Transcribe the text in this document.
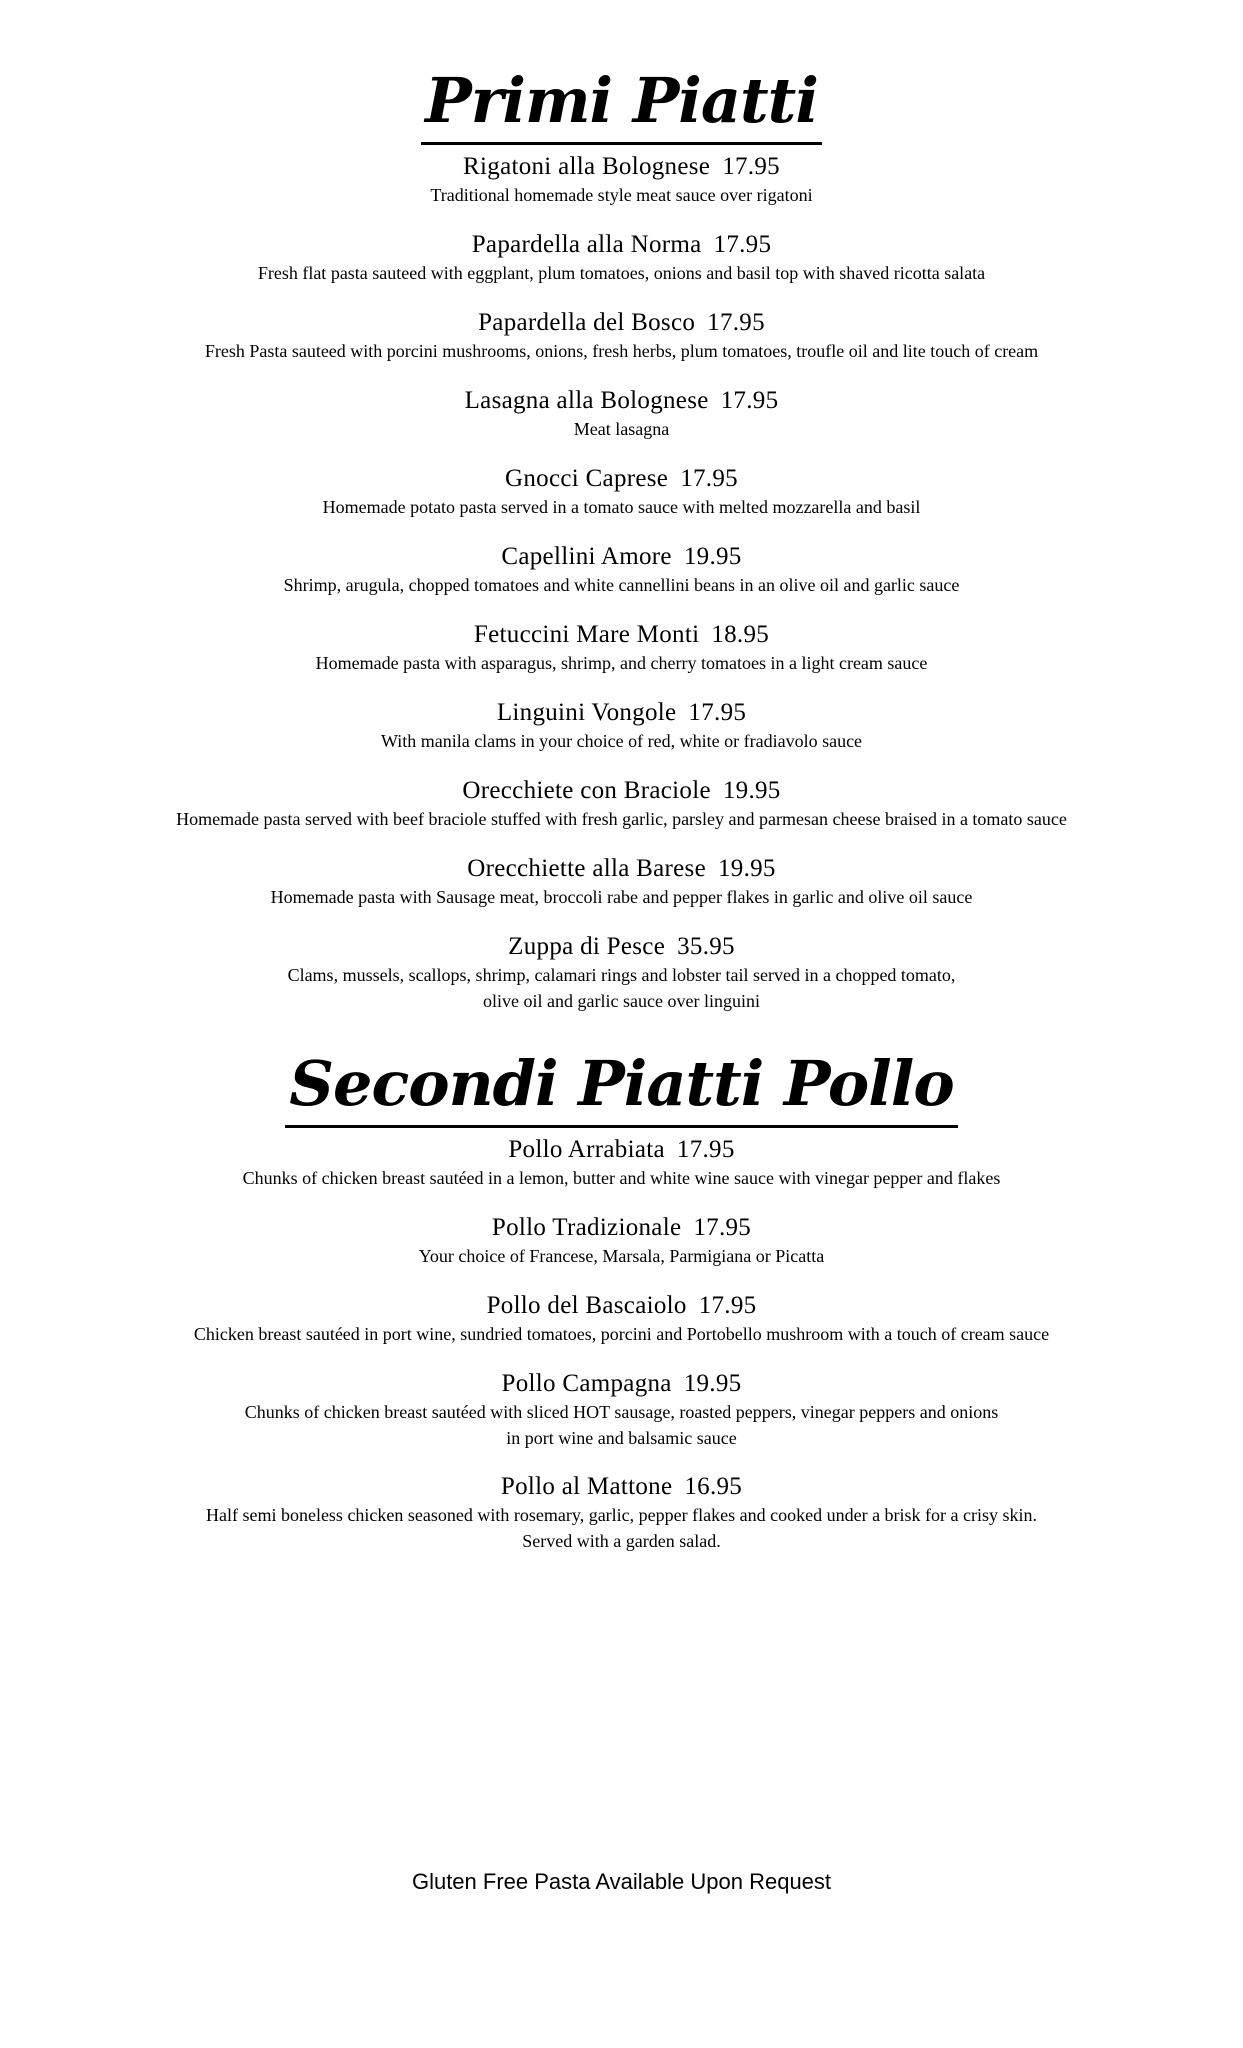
Primi Piatti
Rigatoni alla Bolognese 17.95
Traditional homemade style meat sauce over rigatoni
Papardella alla Norma 17.95
Fresh flat pasta sauteed with eggplant, plum tomatoes, onions and basil top with shaved ricotta salata
Papardella del Bosco 17.95
Fresh Pasta sauteed with porcini mushrooms, onions, fresh herbs, plum tomatoes, troufle oil and lite touch of cream
Lasagna alla Bolognese 17.95
Meat lasagna
Gnocci Caprese 17.95
Homemade potato pasta served in a tomato sauce with melted mozzarella and basil
Capellini Amore 19.95
Shrimp, arugula, chopped tomatoes and white cannellini beans in an olive oil and garlic sauce
Fetuccini Mare Monti 18.95
Homemade pasta with asparagus, shrimp, and cherry tomatoes in a light cream sauce
Linguini Vongole 17.95
With manila clams in your choice of red, white or fradiavolo sauce
Orecchiete con Braciole 19.95
Homemade pasta served with beef braciole stuffed with fresh garlic, parsley and parmesan cheese braised in a tomato sauce
Orecchiette alla Barese 19.95
Homemade pasta with Sausage meat, broccoli rabe and pepper flakes in garlic and olive oil sauce
Zuppa di Pesce 35.95
Clams, mussels, scallops, shrimp, calamari rings and lobster tail served in a chopped tomato,
olive oil and garlic sauce over linguini
Secondi Piatti Pollo
Pollo Arrabiata 17.95
Chunks of chicken breast sautéed in a lemon, butter and white wine sauce with vinegar pepper and flakes
Pollo Tradizionale 17.95
Your choice of Francese, Marsala, Parmigiana or Picatta
Pollo del Bascaiolo 17.95
Chicken breast sautéed in port wine, sundried tomatoes, porcini and Portobello mushroom with a touch of cream sauce
Pollo Campagna 19.95
Chunks of chicken breast sautéed with sliced HOT sausage, roasted peppers, vinegar peppers and onions
in port wine and balsamic sauce
Pollo al Mattone 16.95
Half semi boneless chicken seasoned with rosemary, garlic, pepper flakes and cooked under a brisk for a crisy skin.
Served with a garden salad.
Gluten Free Pasta Available Upon Request
